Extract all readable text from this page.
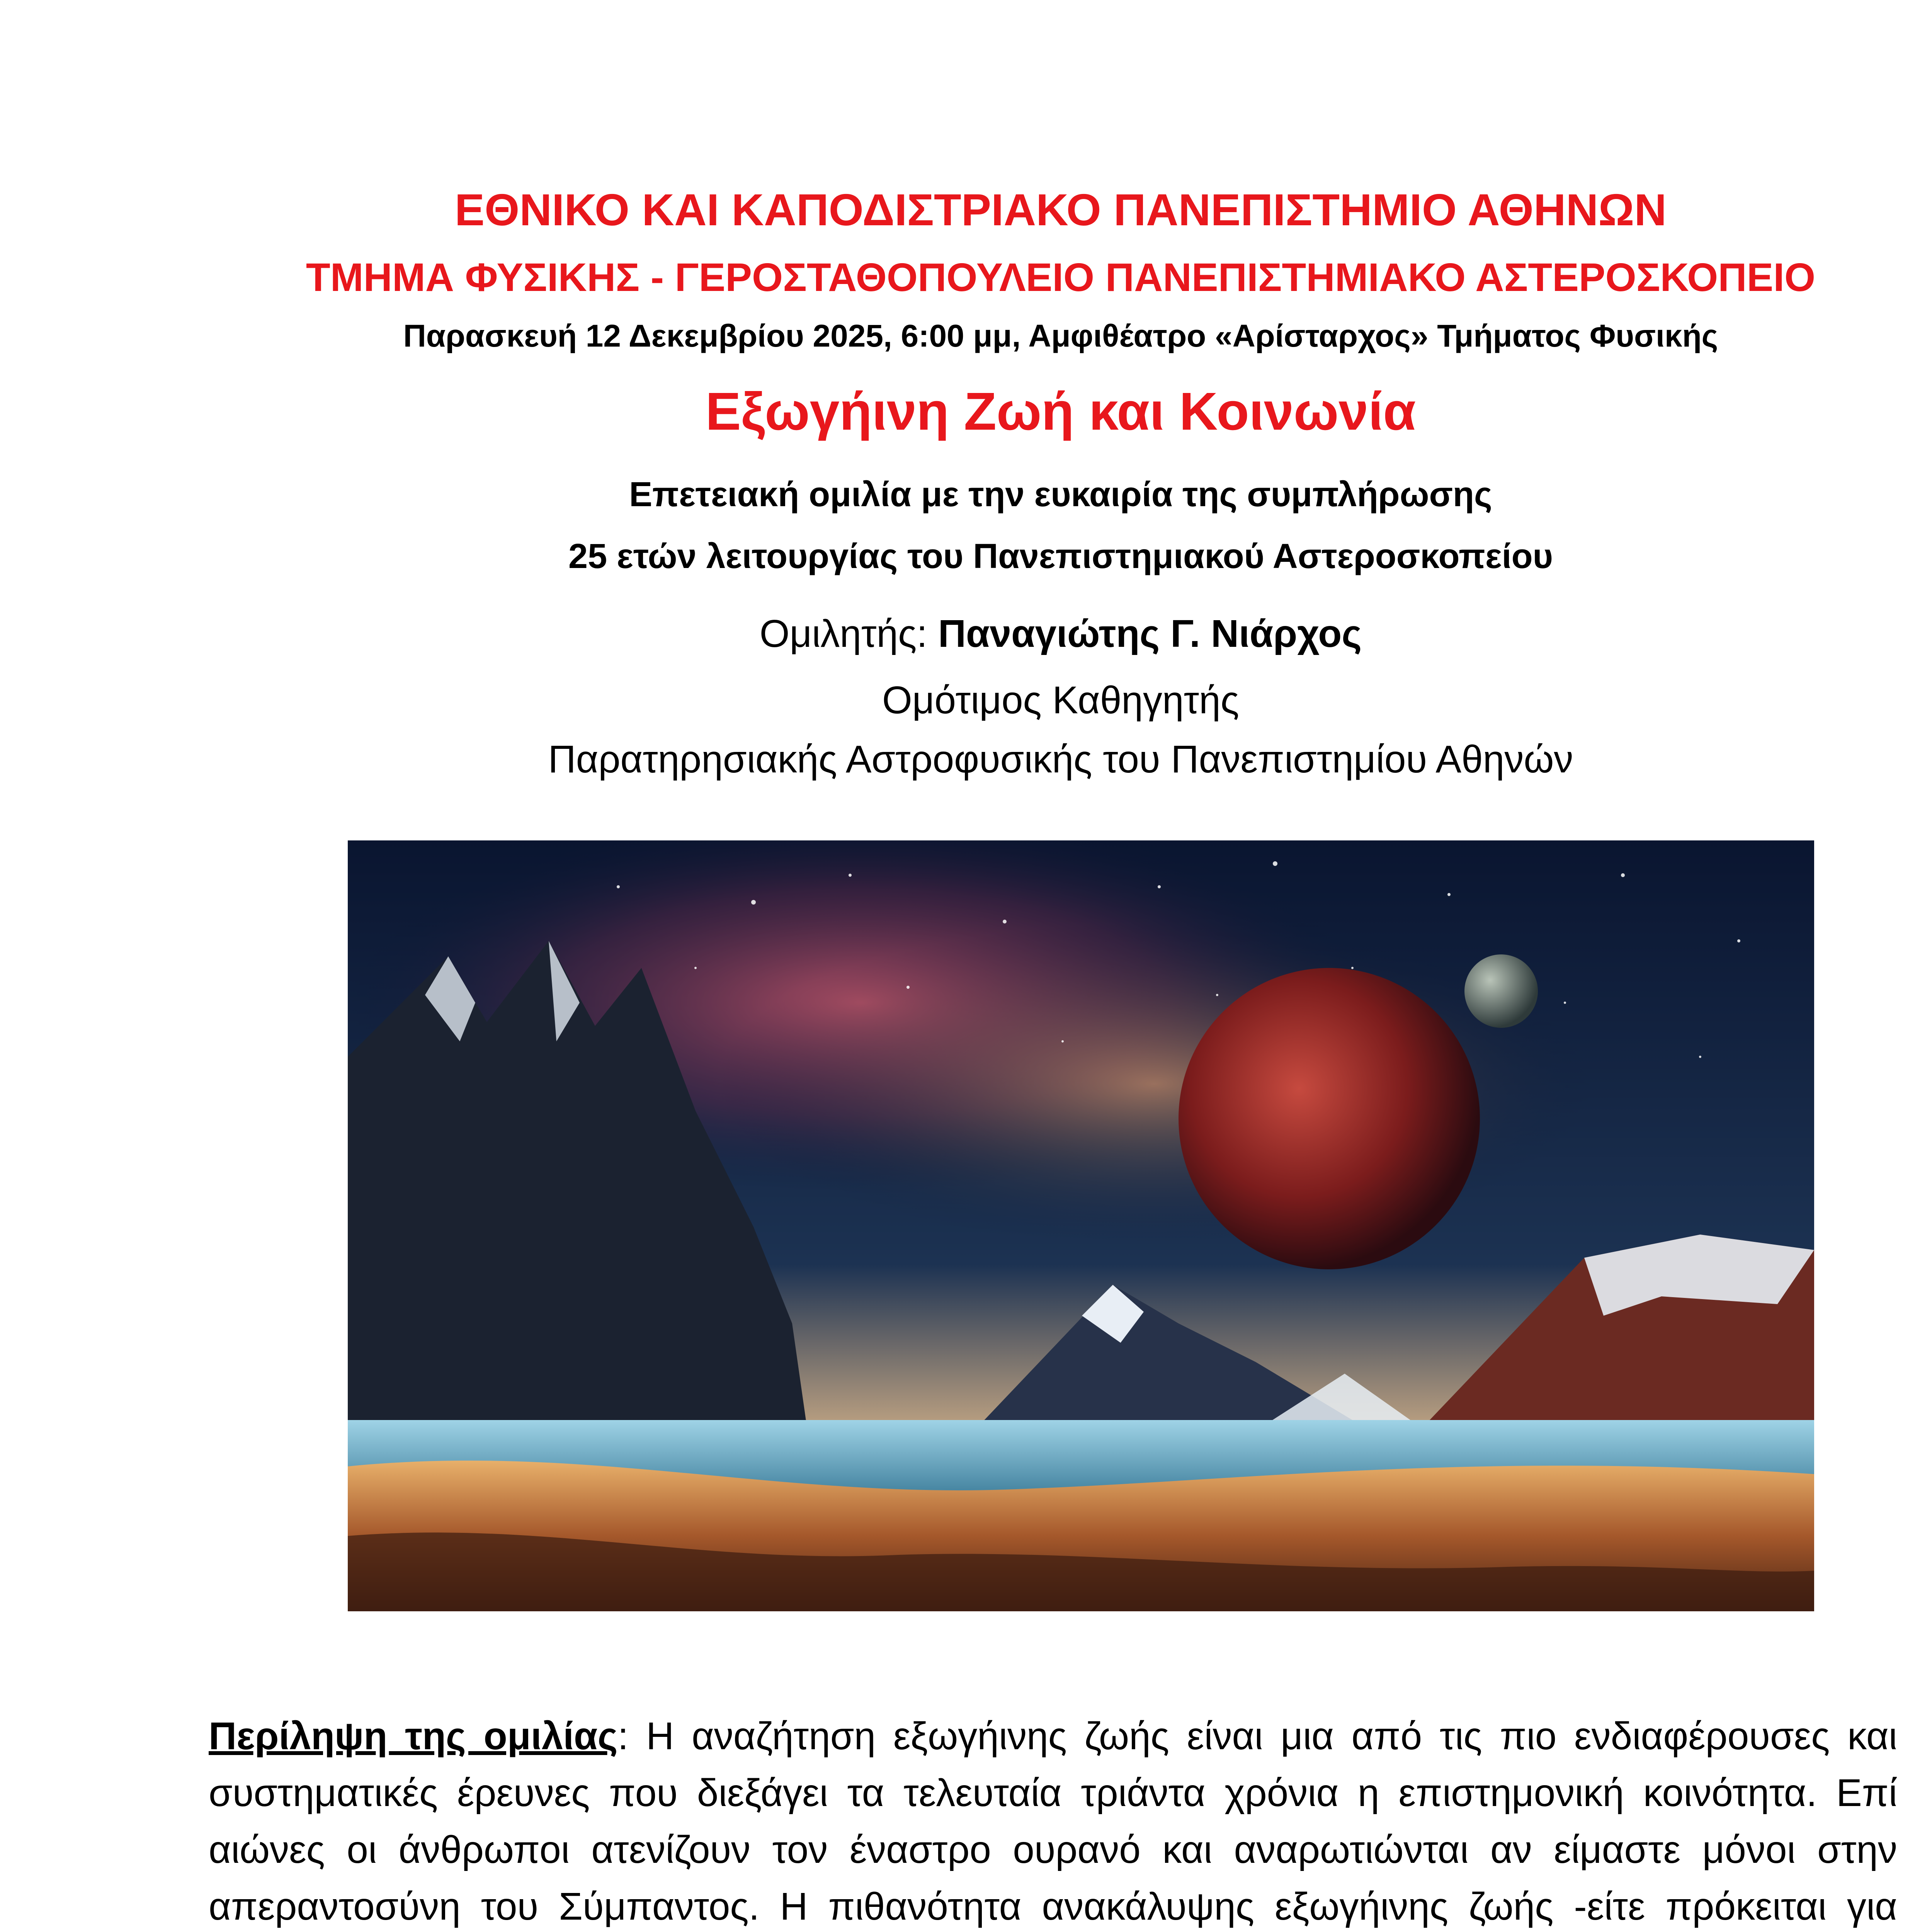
ΕΘΝΙΚΟ ΚΑΙ ΚΑΠΟΔΙΣΤΡΙΑΚΟ ΠΑΝΕΠΙΣΤΗΜΙΟ ΑΘΗΝΩΝ
ΤΜΗΜΑ ΦΥΣΙΚΗΣ - ΓΕΡΟΣΤΑΘΟΠΟΥΛΕΙΟ ΠΑΝΕΠΙΣΤΗΜΙΑΚΟ ΑΣΤΕΡΟΣΚΟΠΕΙΟ
Παρασκευή 12 Δεκεμβρίου 2025, 6:00 μμ, Αμφιθέατρο «Αρίσταρχος» Τμήματος Φυσικής
Εξωγήινη Ζωή και Κοινωνία
Επετειακή ομιλία με την ευκαιρία της συμπλήρωσης
25 ετών λειτουργίας του Πανεπιστημιακού Αστεροσκοπείου
Ομιλητής: Παναγιώτης Γ. Νιάρχος
Ομότιμος Καθηγητής
Παρατηρησιακής Αστροφυσικής του Πανεπιστημίου Αθηνών
Περίληψη της ομιλίας: Η αναζήτηση εξωγήινης ζωής είναι μια από τις πιο ενδιαφέρουσες και συστηματικές έρευνες που διεξάγει τα τελευταία τριάντα χρόνια η επιστημονική κοινότητα. Επί αιώνες οι άνθρωποι ατενίζουν τον έναστρο ουρανό και αναρωτιώνται αν είμαστε μόνοι στην απεραντοσύνη του Σύμπαντος. Η πιθανότητα ανακάλυψης εξωγήινης ζωής -είτε πρόκειται για
